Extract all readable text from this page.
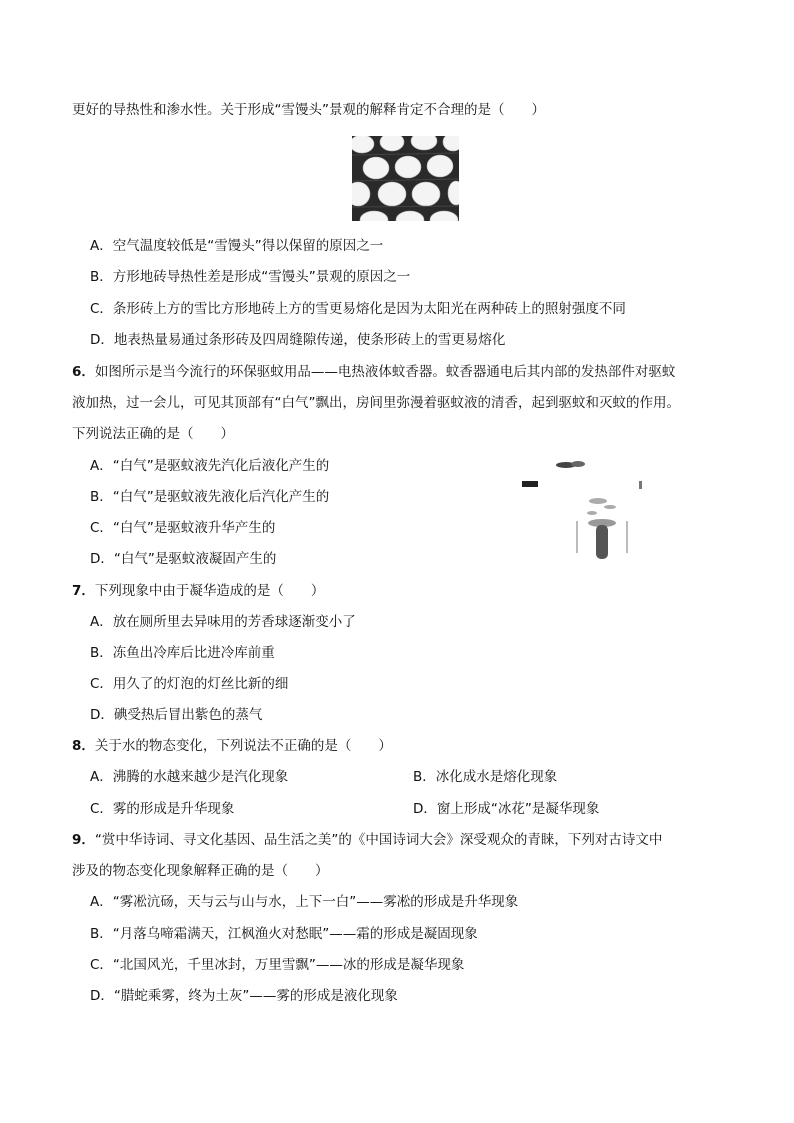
更好的导热性和渗水性。关于形成“雪馒头”景观的解释肯定不合理的是（　　）
A．空气温度较低是“雪馒头”得以保留的原因之一
B．方形地砖导热性差是形成“雪馒头”景观的原因之一
C．条形砖上方的雪比方形地砖上方的雪更易熔化是因为太阳光在两种砖上的照射强度不同
D．地表热量易通过条形砖及四周缝隙传递，使条形砖上的雪更易熔化
6．如图所示是当今流行的环保驱蚊用品——电热液体蚊香器。蚊香器通电后其内部的发热部件对驱蚊
液加热，过一会儿，可见其顶部有“白气”飘出，房间里弥漫着驱蚊液的清香，起到驱蚊和灭蚊的作用。
下列说法正确的是（　　）
A．“白气”是驱蚊液先汽化后液化产生的
B．“白气”是驱蚊液先液化后汽化产生的
C．“白气”是驱蚊液升华产生的
D．“白气”是驱蚊液凝固产生的
7．下列现象中由于凝华造成的是（　　）
A．放在厕所里去异味用的芳香球逐渐变小了
B．冻鱼出冷库后比进冷库前重
C．用久了的灯泡的灯丝比新的细
D．碘受热后冒出紫色的蒸气
8．关于水的物态变化，下列说法不正确的是（　　）
A．沸腾的水越来越少是汽化现象	B．冰化成水是熔化现象
C．雾的形成是升华现象	D．窗上形成“冰花”是凝华现象
9．“赏中华诗词、寻文化基因、品生活之美”的《中国诗词大会》深受观众的青睐，下列对古诗文中
涉及的物态变化现象解释正确的是（　　）
A．“雾凇沆砀，天与云与山与水，上下一白”——雾凇的形成是升华现象
B．“月落乌啼霜满天，江枫渔火对愁眠”——霜的形成是凝固现象
C．“北国风光，千里冰封，万里雪飘”——冰的形成是凝华现象
D．“腊蛇乘雾，终为土灰”——雾的形成是液化现象
